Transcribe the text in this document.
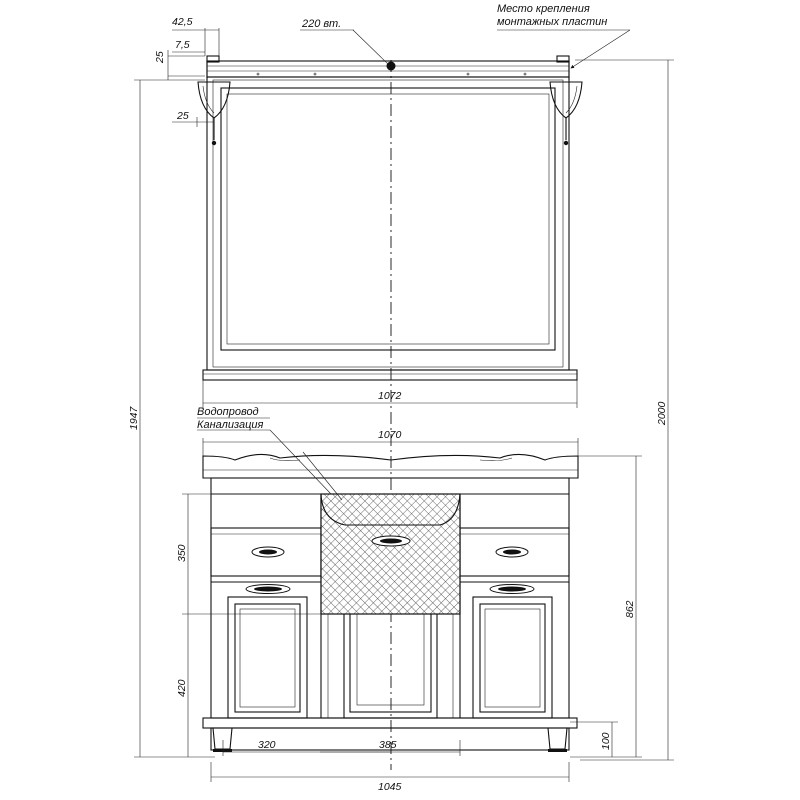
220 вт.
Место крепления
монтажных пластин
Водопровод
Канализация
42,5
7,5
25
25
1072
1070
1947	2000
862
350
420
100
320	385
1045
